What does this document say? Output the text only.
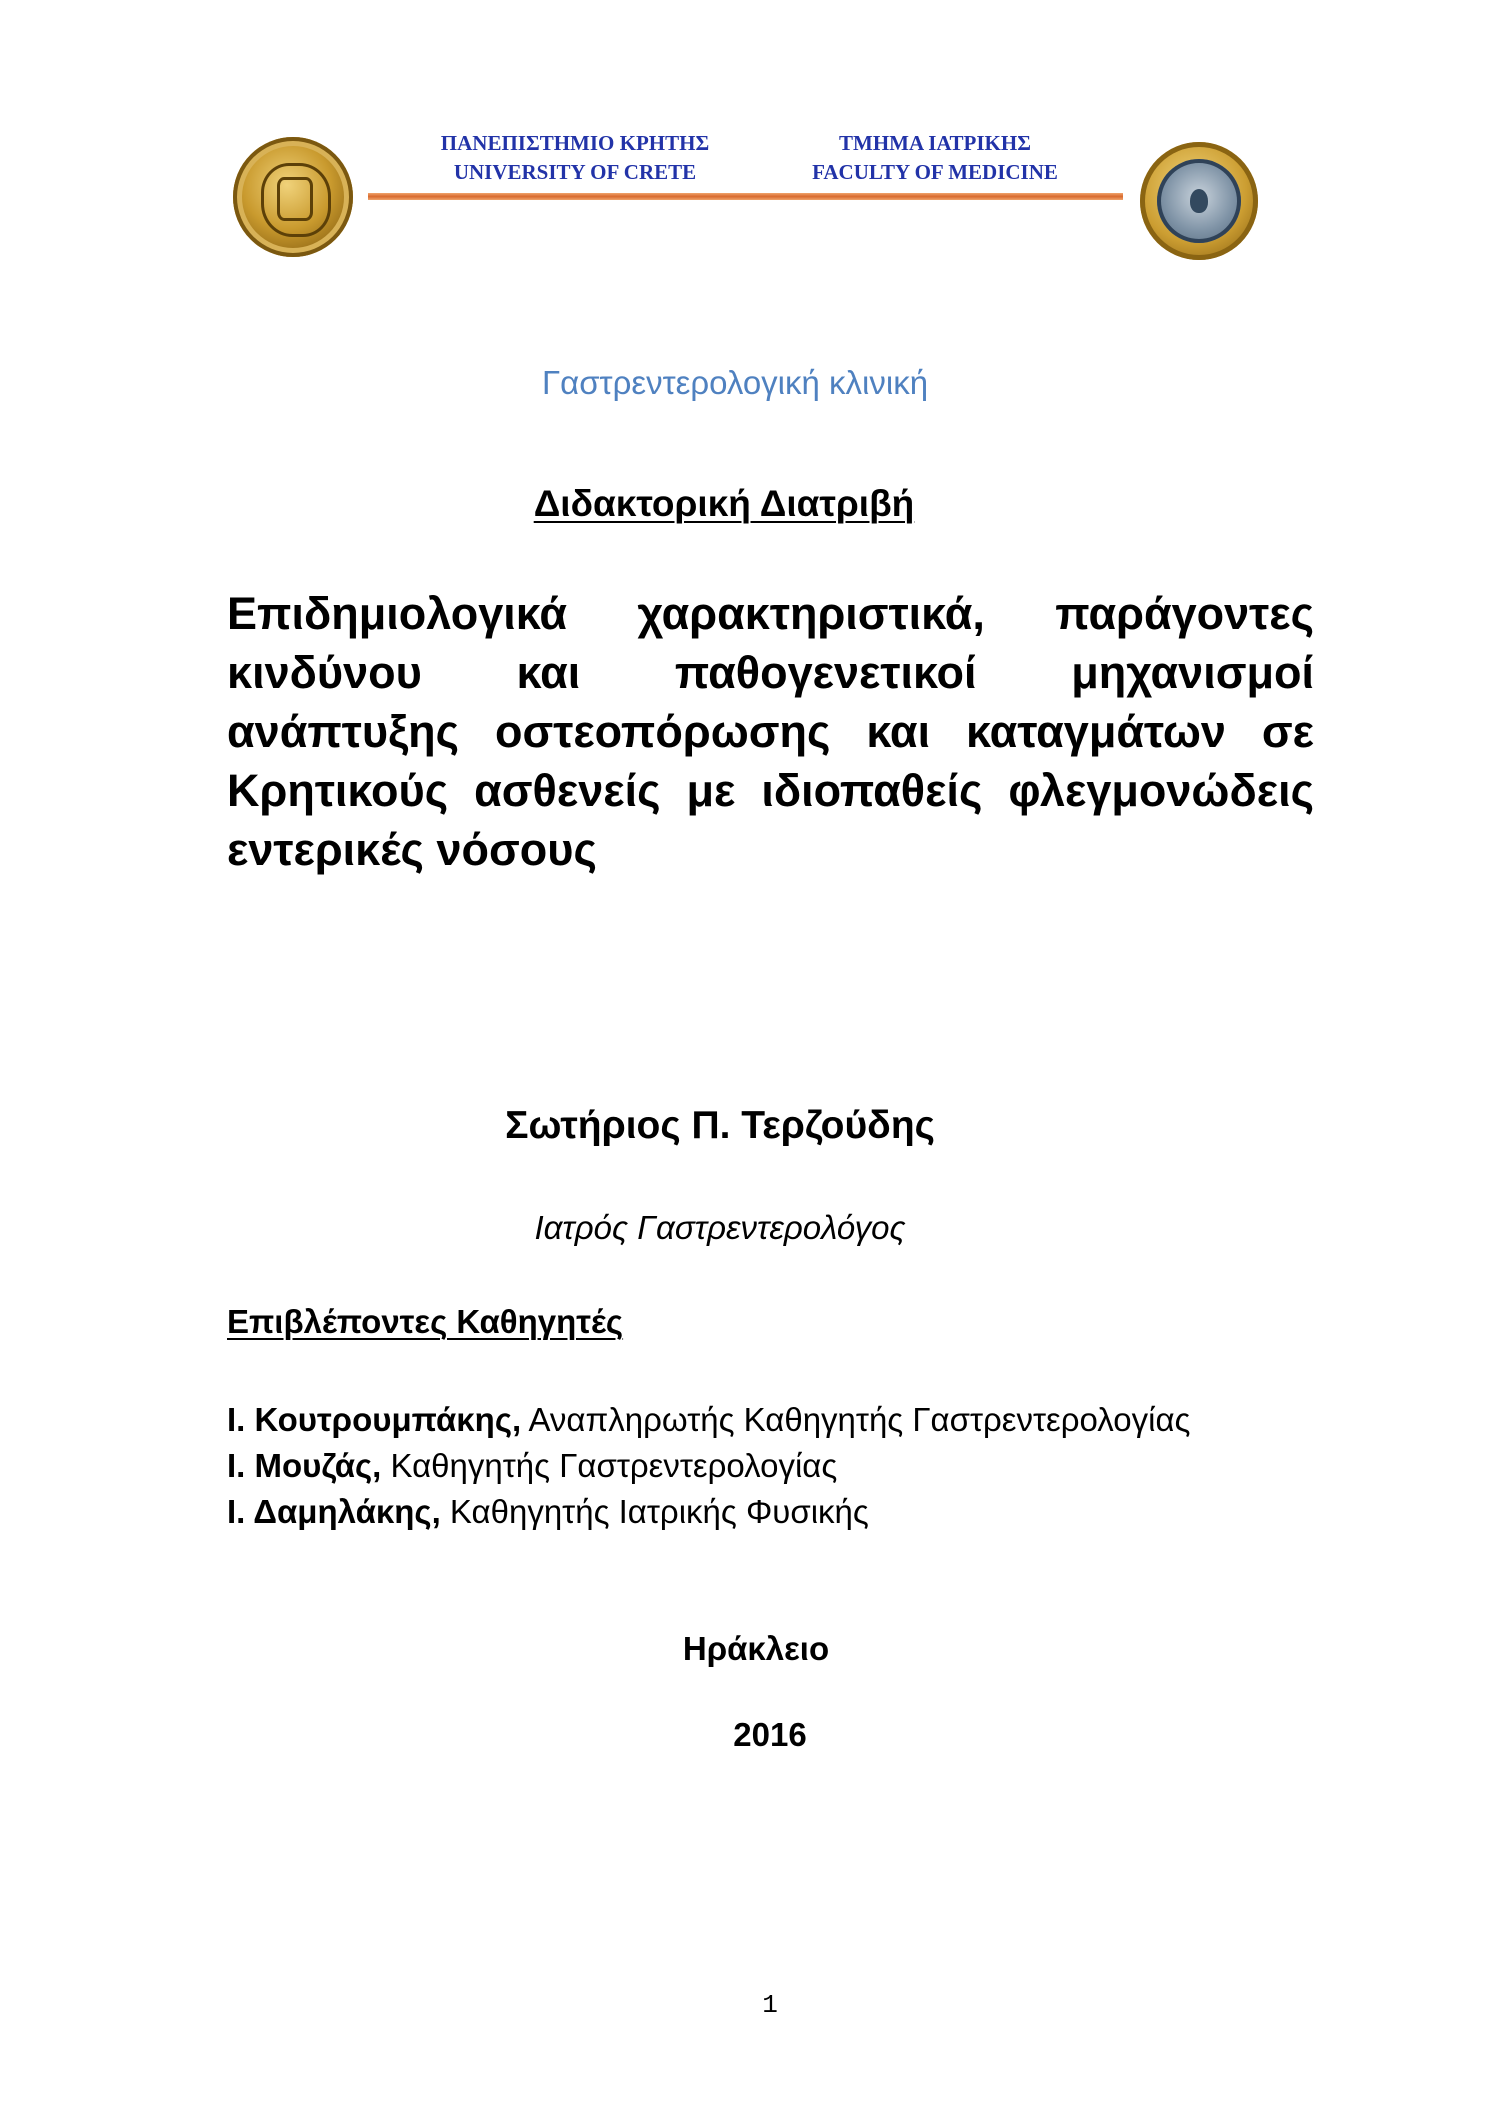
ΠΑΝΕΠΙΣΤΗΜΙΟ ΚΡΗΤΗΣ
UNIVERSITY OF CRETE
ΤΜΗΜΑ ΙΑΤΡΙΚΗΣ
FACULTY OF MEDICINE
Γαστρεντερολογική κλινική
Διδακτορική Διατριβή
Επιδημιολογικά χαρακτηριστικά, παράγοντες
κινδύνου και παθογενετικοί μηχανισμοί
ανάπτυξης οστεοπόρωσης και καταγμάτων σε
Κρητικούς ασθενείς με ιδιοπαθείς φλεγμονώδεις
εντερικές νόσους
Σωτήριος Π. Τερζούδης
Ιατρός Γαστρεντερολόγος
Επιβλέποντες Καθηγητές
Ι. Κουτρουμπάκης, Αναπληρωτής Καθηγητής Γαστρεντερολογίας
Ι. Μουζάς, Καθηγητής Γαστρεντερολογίας
Ι. Δαμηλάκης, Καθηγητής Ιατρικής Φυσικής
Ηράκλειο
2016
1
